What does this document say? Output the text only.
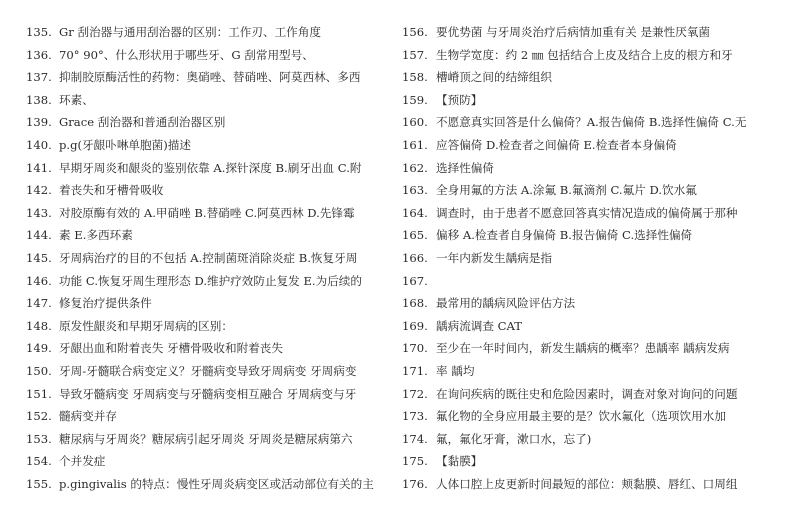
135. Gr 刮治器与通用刮治器的区别：工作刃、工作角度
136. 70° 90°、什么形状用于哪些牙、G 刮常用型号、
137. 抑制胶原酶活性的药物：奥硝唑、替硝唑、阿莫西林、多西
138. 环素、
139. Grace 刮治器和普通刮治器区别
140. p.g(牙龈卟啉单胞菌)描述
141. 早期牙周炎和龈炎的鉴别依靠 A.探针深度 B.刷牙出血 C.附
142. 着丧失和牙槽骨吸收
143. 对胶原酶有效的 A.甲硝唑 B.替硝唑 C.阿莫西林 D.先锋霉
144. 素 E.多西环素
145. 牙周病治疗的目的不包括 A.控制菌斑消除炎症 B.恢复牙周
146. 功能 C.恢复牙周生理形态 D.维护疗效防止复发 E.为后续的
147. 修复治疗提供条件
148. 原发性龈炎和早期牙周病的区别：
149. 牙龈出血和附着丧失 牙槽骨吸收和附着丧失
150. 牙周-牙髓联合病变定义？牙髓病变导致牙周病变 牙周病变
151. 导致牙髓病变 牙周病变与牙髓病变相互融合 牙周病变与牙
152. 髓病变并存
153. 糖尿病与牙周炎？糖尿病引起牙周炎 牙周炎是糖尿病第六
154. 个并发症
155. p.gingivalis 的特点：慢性牙周炎病变区或活动部位有关的主
156. 要优势菌 与牙周炎治疗后病情加重有关 是兼性厌氧菌
157. 生物学宽度：约 2 ㎜ 包括结合上皮及结合上皮的根方和牙
158. 槽嵴顶之间的结缔组织
159. 【预防】
160. 不愿意真实回答是什么偏倚？A.报告偏倚 B.选择性偏倚 C.无
161. 应答偏倚 D.检查者之间偏倚 E.检查者本身偏倚
162. 选择性偏倚
163. 全身用氟的方法 A.涂氟 B.氟滴剂 C.氟片 D.饮水氟
164. 调查时，由于患者不愿意回答真实情况造成的偏倚属于那种
165. 偏移 A.检查者自身偏倚 B.报告偏倚 C.选择性偏倚
166. 一年内新发生龋病是指
167.
168. 最常用的龋病风险评估方法
169. 龋病流调查 CAT
170. 至少在一年时间内，新发生龋病的概率？患龋率 龋病发病
171. 率 龋均
172. 在询问疾病的既往史和危险因素时，调查对象对询问的问题
173. 氟化物的全身应用最主要的是？饮水氟化（选项饮用水加
174. 氟，氟化牙膏，漱口水，忘了)
175. 【黏膜】
176. 人体口腔上皮更新时间最短的部位：颊黏膜、唇红、口周组
